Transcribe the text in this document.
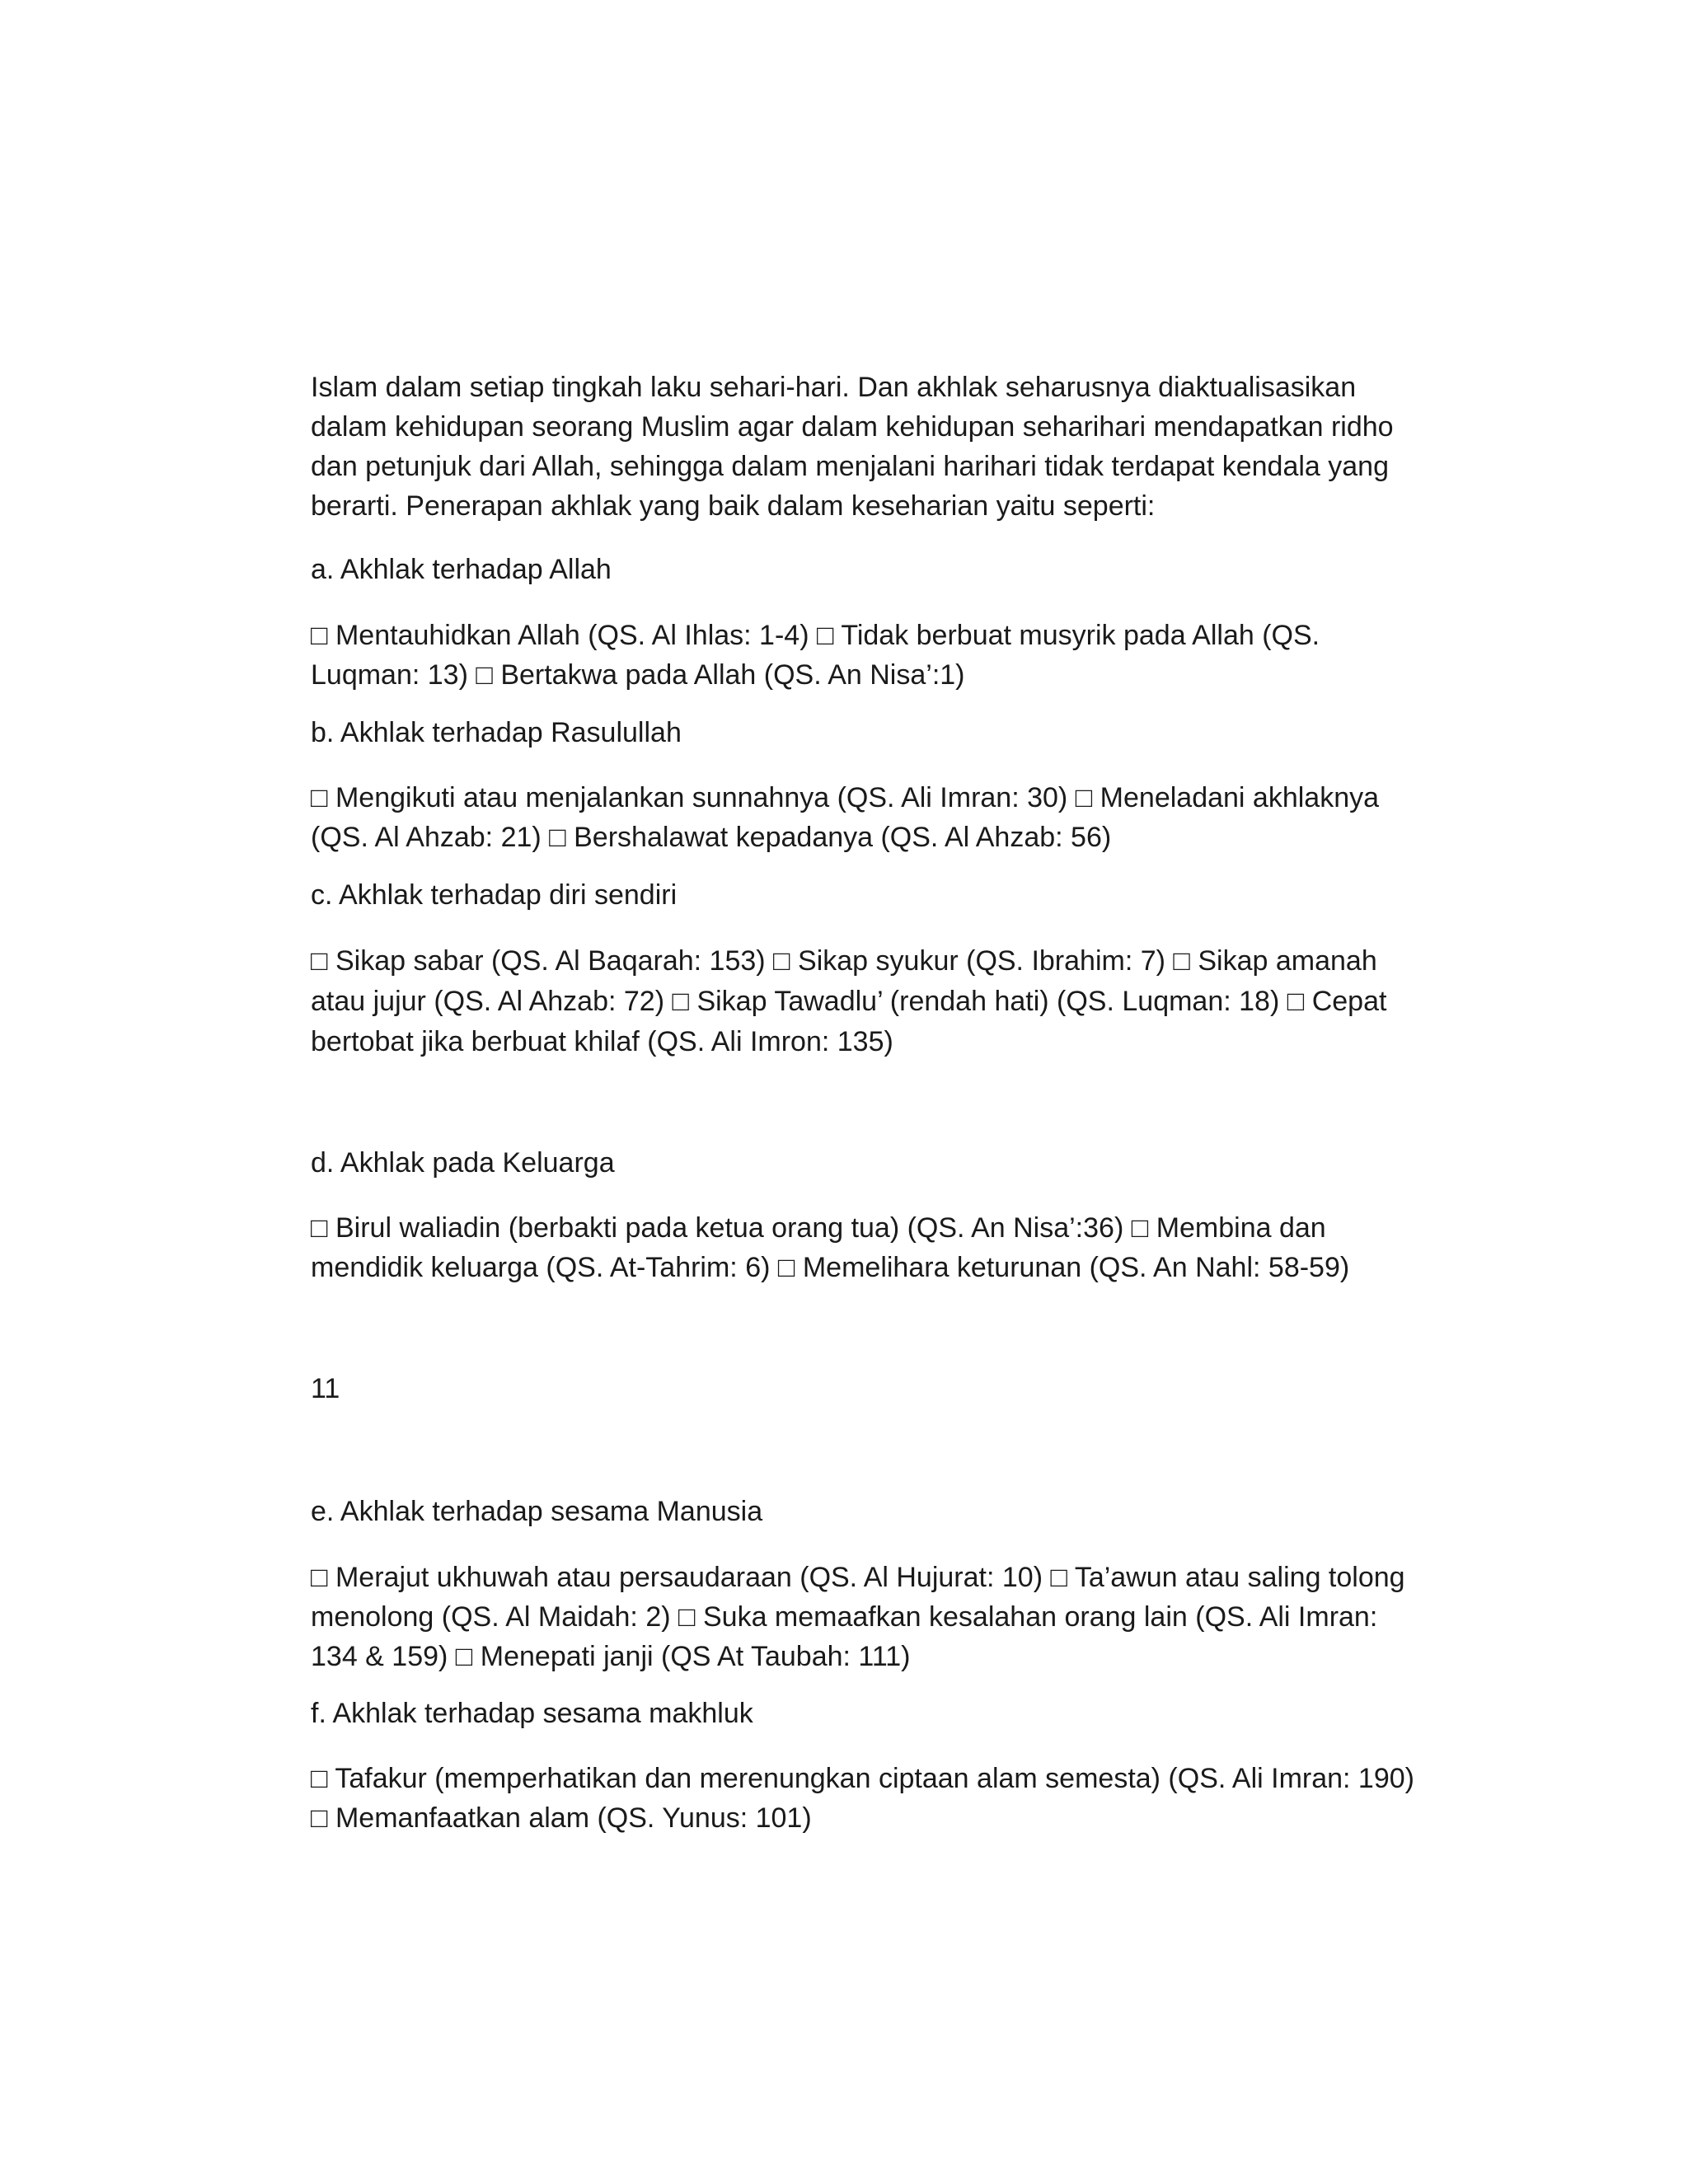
Islam dalam setiap tingkah laku sehari-hari. Dan akhlak seharusnya diaktualisasikan dalam kehidupan seorang Muslim agar dalam kehidupan seharihari mendapatkan ridho dan petunjuk dari Allah, sehingga dalam menjalani harihari tidak terdapat kendala yang berarti. Penerapan akhlak yang baik dalam keseharian yaitu seperti:

a. Akhlak terhadap Allah

□ Mentauhidkan Allah (QS. Al Ihlas: 1-4) □ Tidak berbuat musyrik pada Allah (QS. Luqman: 13) □ Bertakwa pada Allah (QS. An Nisa’:1)

b. Akhlak terhadap Rasulullah

□ Mengikuti atau menjalankan sunnahnya (QS. Ali Imran: 30) □ Meneladani akhlaknya (QS. Al Ahzab: 21) □ Bershalawat kepadanya (QS. Al Ahzab: 56)

c. Akhlak terhadap diri sendiri

□ Sikap sabar (QS. Al Baqarah: 153) □ Sikap syukur (QS. Ibrahim: 7) □ Sikap amanah atau jujur (QS. Al Ahzab: 72) □ Sikap Tawadlu’ (rendah hati) (QS. Luqman: 18) □ Cepat bertobat jika berbuat khilaf (QS. Ali Imron: 135)

d. Akhlak pada Keluarga

□ Birul waliadin (berbakti pada ketua orang tua) (QS. An Nisa’:36) □ Membina dan mendidik keluarga (QS. At-Tahrim: 6) □ Memelihara keturunan (QS. An Nahl: 58-59)

11

e. Akhlak terhadap sesama Manusia

□ Merajut ukhuwah atau persaudaraan (QS. Al Hujurat: 10) □ Ta’awun atau saling tolong menolong (QS. Al Maidah: 2) □ Suka memaafkan kesalahan orang lain (QS. Ali Imran: 134 & 159) □ Menepati janji (QS At Taubah: 111)

f. Akhlak terhadap sesama makhluk

□ Tafakur (memperhatikan dan merenungkan ciptaan alam semesta) (QS. Ali Imran: 190) □ Memanfaatkan alam (QS. Yunus: 101)
